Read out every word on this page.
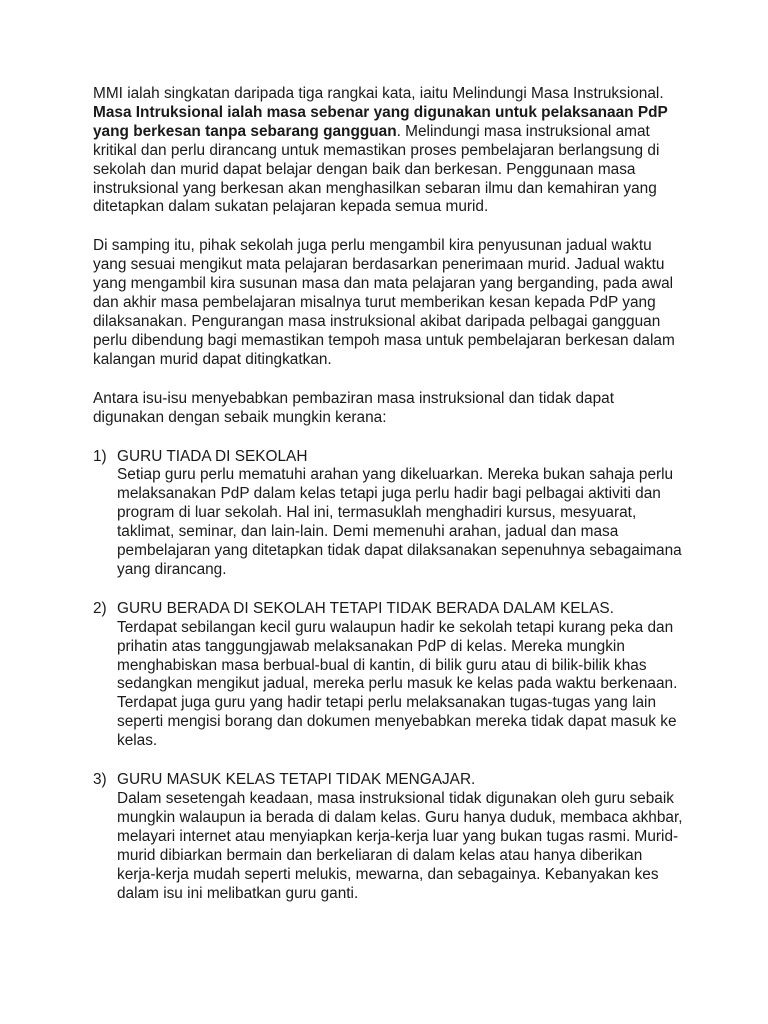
MMI ialah singkatan daripada tiga rangkai kata, iaitu Melindungi Masa Instruksional. Masa Intruksional ialah masa sebenar yang digunakan untuk pelaksanaan PdP yang berkesan tanpa sebarang gangguan. Melindungi masa instruksional amat kritikal dan perlu dirancang untuk memastikan proses pembelajaran berlangsung di sekolah dan murid dapat belajar dengan baik dan berkesan. Penggunaan masa instruksional yang berkesan akan menghasilkan sebaran ilmu dan kemahiran yang ditetapkan dalam sukatan pelajaran kepada semua murid.

Di samping itu, pihak sekolah juga perlu mengambil kira penyusunan jadual waktu yang sesuai mengikut mata pelajaran berdasarkan penerimaan murid. Jadual waktu yang mengambil kira susunan masa dan mata pelajaran yang berganding, pada awal dan akhir masa pembelajaran misalnya turut memberikan kesan kepada PdP yang dilaksanakan. Pengurangan masa instruksional akibat daripada pelbagai gangguan perlu dibendung bagi memastikan tempoh masa untuk pembelajaran berkesan dalam kalangan murid dapat ditingkatkan.

Antara isu-isu menyebabkan pembaziran masa instruksional dan tidak dapat digunakan dengan sebaik mungkin kerana:

1) GURU TIADA DI SEKOLAH
Setiap guru perlu mematuhi arahan yang dikeluarkan. Mereka bukan sahaja perlu melaksanakan PdP dalam kelas tetapi juga perlu hadir bagi pelbagai aktiviti dan program di luar sekolah. Hal ini, termasuklah menghadiri kursus, mesyuarat, taklimat, seminar, dan lain-lain. Demi memenuhi arahan, jadual dan masa pembelajaran yang ditetapkan tidak dapat dilaksanakan sepenuhnya sebagaimana yang dirancang.
2) GURU BERADA DI SEKOLAH TETAPI TIDAK BERADA DALAM KELAS.
Terdapat sebilangan kecil guru walaupun hadir ke sekolah tetapi kurang peka dan prihatin atas tanggungjawab melaksanakan PdP di kelas. Mereka mungkin menghabiskan masa berbual-bual di kantin, di bilik guru atau di bilik-bilik khas sedangkan mengikut jadual, mereka perlu masuk ke kelas pada waktu berkenaan. Terdapat juga guru yang hadir tetapi perlu melaksanakan tugas-tugas yang lain seperti mengisi borang dan dokumen menyebabkan mereka tidak dapat masuk ke kelas.
3) GURU MASUK KELAS TETAPI TIDAK MENGAJAR.
Dalam sesetengah keadaan, masa instruksional tidak digunakan oleh guru sebaik mungkin walaupun ia berada di dalam kelas. Guru hanya duduk, membaca akhbar, melayari internet atau menyiapkan kerja-kerja luar yang bukan tugas rasmi. Murid-murid dibiarkan bermain dan berkeliaran di dalam kelas atau hanya diberikan kerja-kerja mudah seperti melukis, mewarna, dan sebagainya. Kebanyakan kes dalam isu ini melibatkan guru ganti.
